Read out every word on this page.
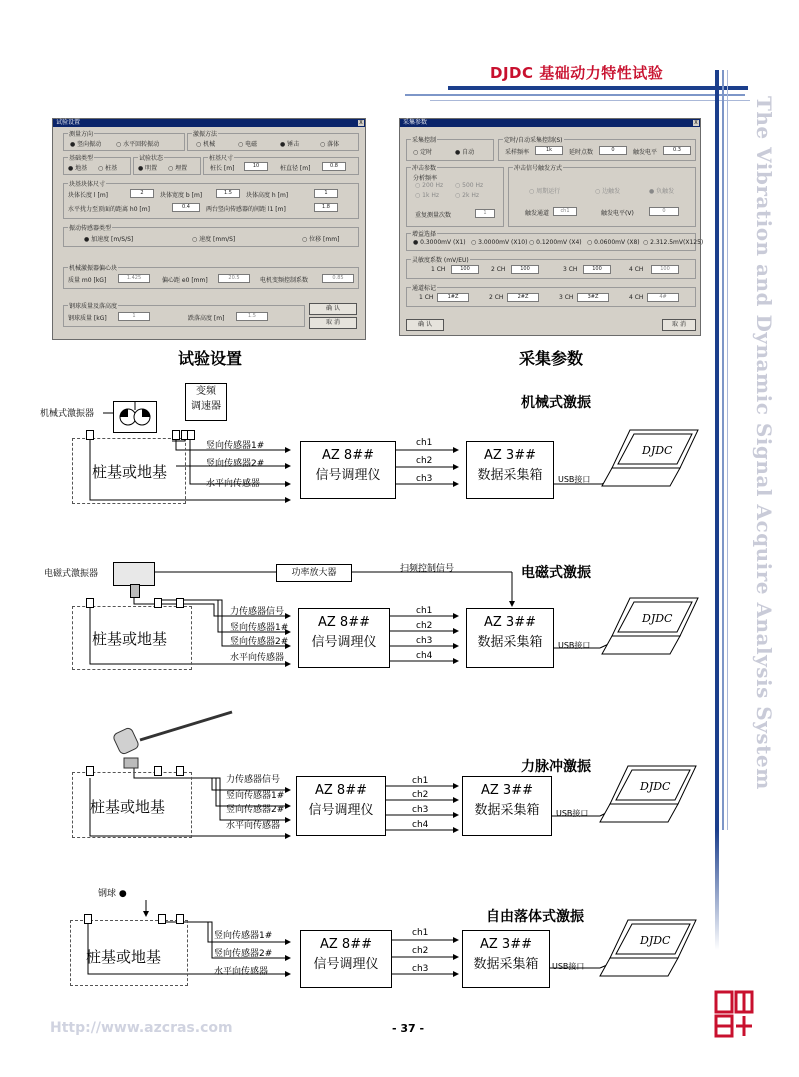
DJDC 基础动力特性试验
The Vibration and Dynamic Signal Acquire Analysis System
试验设置	X
测量方向
● 竖向振动 ○ 水平回转振动
激振方法
○ 机械	○ 电磁	● 锤击	○ 落体
基础类型
● 地基 ○ 桩基
试验状态
● 明置 ○ 埋置
桩基尺寸
桩长 [m]	10	桩直径 [m]	0.8
块基块体尺寸
块体长度 l [m]	2	块体宽度 b [m]	1.5	块体高度 h [m]	1
水平扰力至顶面的距离 h0 [m]	0.4	两台竖向传感器的间距 l1 [m]	1.8
振动传感器类型
● 加速度 [m/S/S]	○ 速度 [mm/S]	○ 位移 [mm]
机械激振器偏心块
质量 m0 [kG]	1.425	偏心距 e0 [mm]	20.5	电机变频控制系数	0.85
钢球质量及落高度
钢球质量 [kG]	1	跌落高度 [m]	1.5
确 认
取 消
采集参数	X
采集控制
○ 定时	● 自动
定时/自动采集控制(S)
采样频率	1k	延时点数	0	触发电平	0.3
冲击参数
分析频率
○ 200 Hz ○ 500 Hz
○ 1k Hz	○ 2k Hz
重复测量次数	1
冲击信号触发方式
○ 周期运行	○ 边触发	● 负触发
触发通道	ch1	触发电平(V)	0
增益选择
● 0.3000mV (X1) ○ 3.0000mV (X10) ○ 0.1200mV (X4) ○ 0.0600mV (X8) ○ 2.312.5mV(X125)
灵敏度系数 (mV/EU)
1 CH	100	2 CH	100	3 CH	100	4 CH	100
通道标记
1 CH	1#Z	2 CH	2#Z	3 CH	3#Z	4 CH	4#
确 认	取 消
试验设置	采集参数
机械式激振
机械式激振器
变频
调速器
桩基或地基
竖向传感器1#
竖向传感器2#
水平向传感器
AZ 8##
信号调理仪
ch1
ch2
ch3
AZ 3##
数据采集箱	USB接口
DJDC
电磁式激振
电磁式激振器	功率放大器	扫频控制信号
桩基或地基
力传感器信号
竖向传感器1#
竖向传感器2#
水平向传感器
AZ 8##
信号调理仪
ch1
ch2
ch3
ch4
AZ 3##
数据采集箱	USB接口
DJDC
力脉冲激振
桩基或地基
力传感器信号
竖向传感器1#
竖向传感器2#
水平向传感器
AZ 8##
信号调理仪
ch1
ch2
ch3
ch4
AZ 3##
数据采集箱	USB接口
DJDC
自由落体式激振
钢球 ●
桩基或地基
竖向传感器1#
竖向传感器2#
水平向传感器
AZ 8##
信号调理仪
ch1
ch2
ch3
AZ 3##
数据采集箱	USB接口
DJDC
Http://www.azcras.com	- 37 -
